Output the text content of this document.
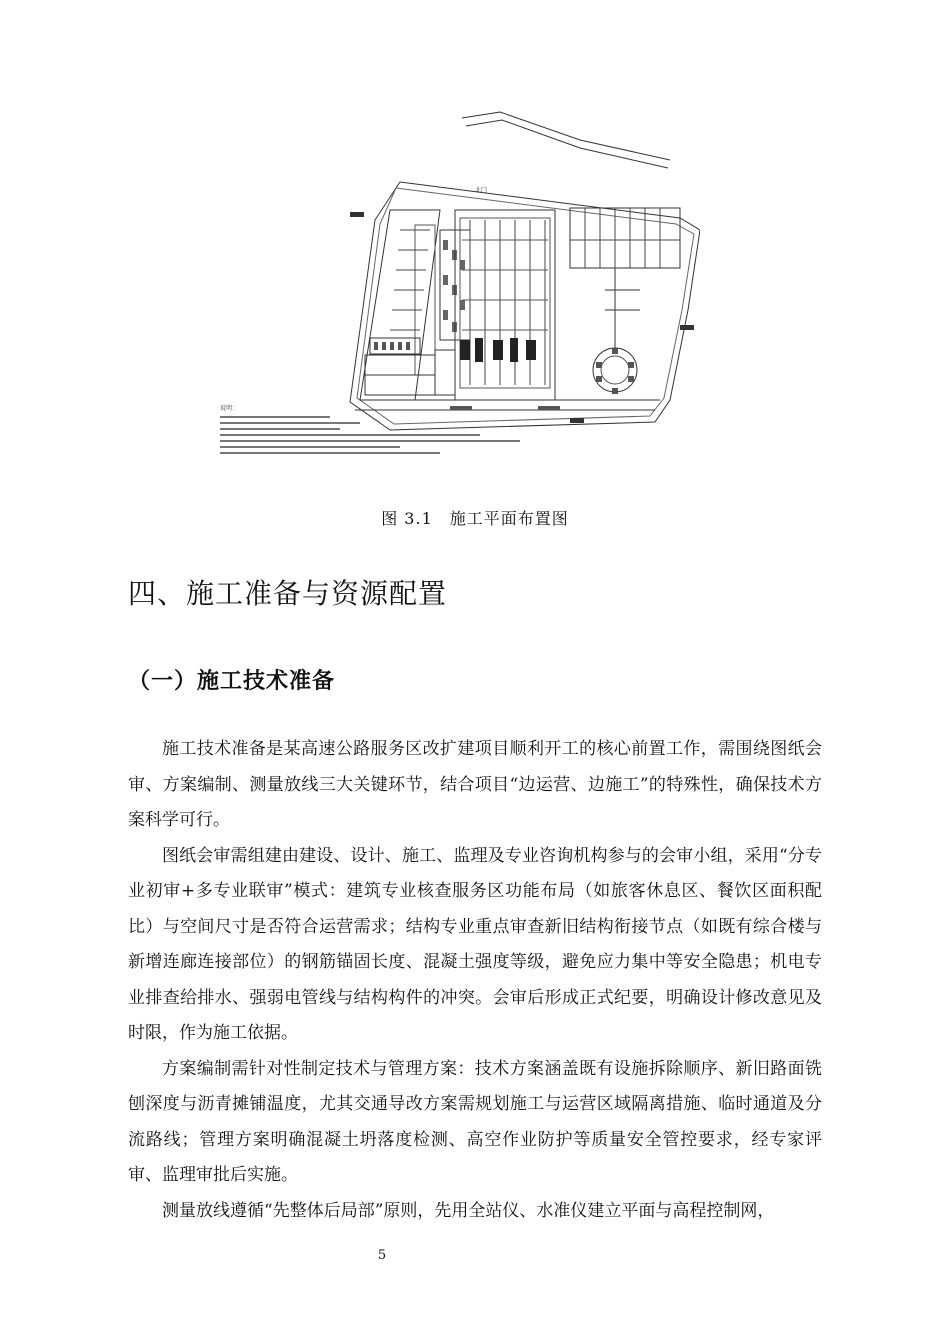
北门
说明：
图 3.1　施工平面布置图
四、施工准备与资源配置
（一）施工技术准备

施工技术准备是某高速公路服务区改扩建项目顺利开工的核心前置工作，需围绕图纸会审、方案编制、测量放线三大关键环节，结合项目“边运营、边施工”的特殊性，确保技术方案科学可行。

图纸会审需组建由建设、设计、施工、监理及专业咨询机构参与的会审小组，采用“分专业初审+多专业联审”模式：建筑专业核查服务区功能布局（如旅客休息区、餐饮区面积配比）与空间尺寸是否符合运营需求；结构专业重点审查新旧结构衔接节点（如既有综合楼与新增连廊连接部位）的钢筋锚固长度、混凝土强度等级，避免应力集中等安全隐患；机电专业排查给排水、强弱电管线与结构构件的冲突。会审后形成正式纪要，明确设计修改意见及时限，作为施工依据。

方案编制需针对性制定技术与管理方案：技术方案涵盖既有设施拆除顺序、新旧路面铣刨深度与沥青摊铺温度，尤其交通导改方案需规划施工与运营区域隔离措施、临时通道及分流路线；管理方案明确混凝土坍落度检测、高空作业防护等质量安全管控要求，经专家评审、监理审批后实施。

测量放线遵循“先整体后局部”原则，先用全站仪、水准仪建立平面与高程控制网，

5
